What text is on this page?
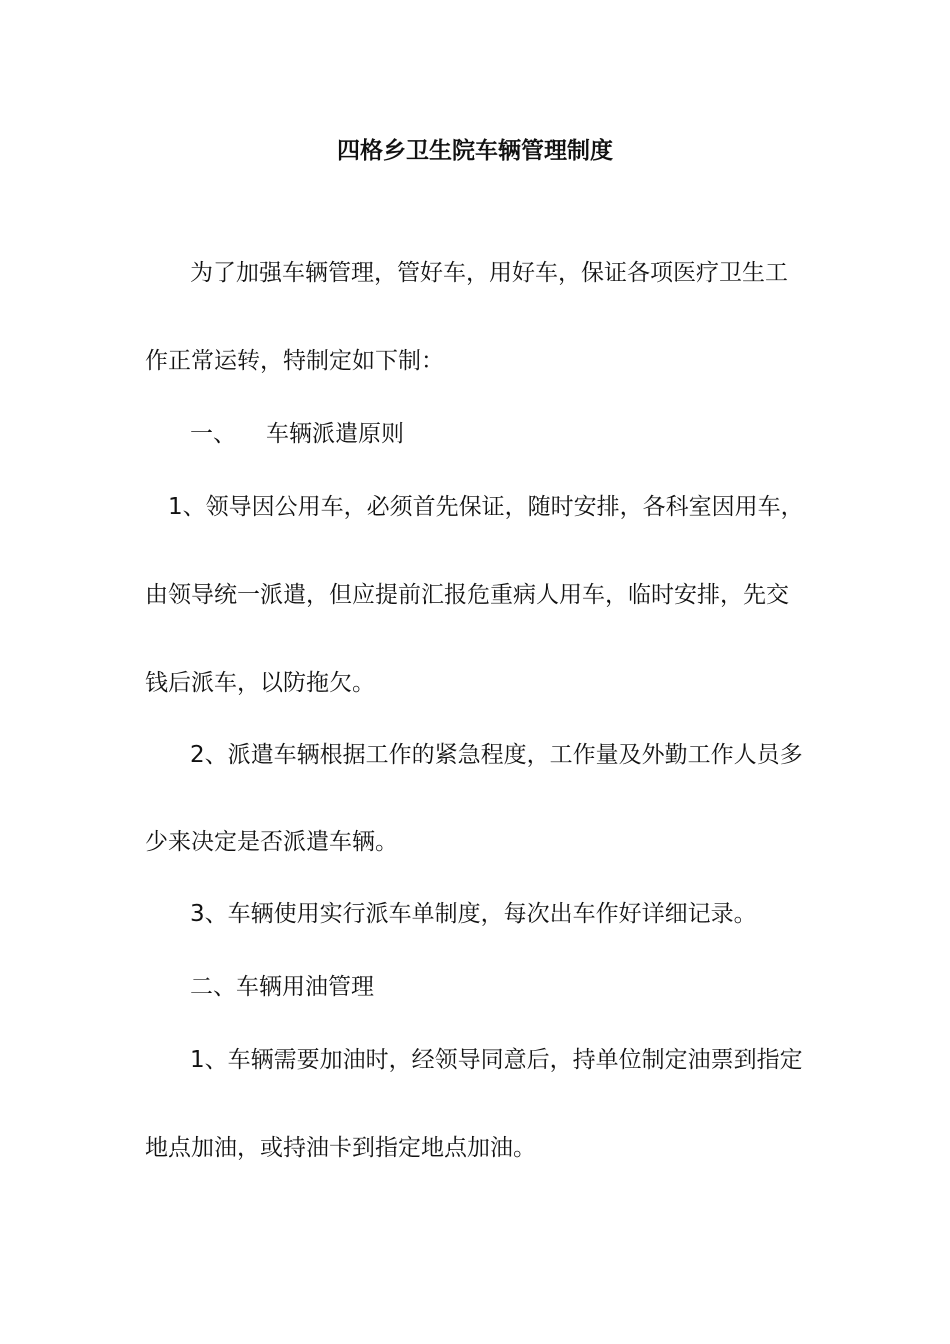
四格乡卫生院车辆管理制度
为了加强车辆管理，管好车，用好车，保证各项医疗卫生工
作正常运转，特制定如下制：
一、 车辆派遣原则
1、领导因公用车，必须首先保证，随时安排，各科室因用车，
由领导统一派遣，但应提前汇报危重病人用车，临时安排，先交
钱后派车，以防拖欠。
2、派遣车辆根据工作的紧急程度，工作量及外勤工作人员多
少来决定是否派遣车辆。
3、车辆使用实行派车单制度，每次出车作好详细记录。
二、车辆用油管理
1、车辆需要加油时，经领导同意后，持单位制定油票到指定
地点加油，或持油卡到指定地点加油。
